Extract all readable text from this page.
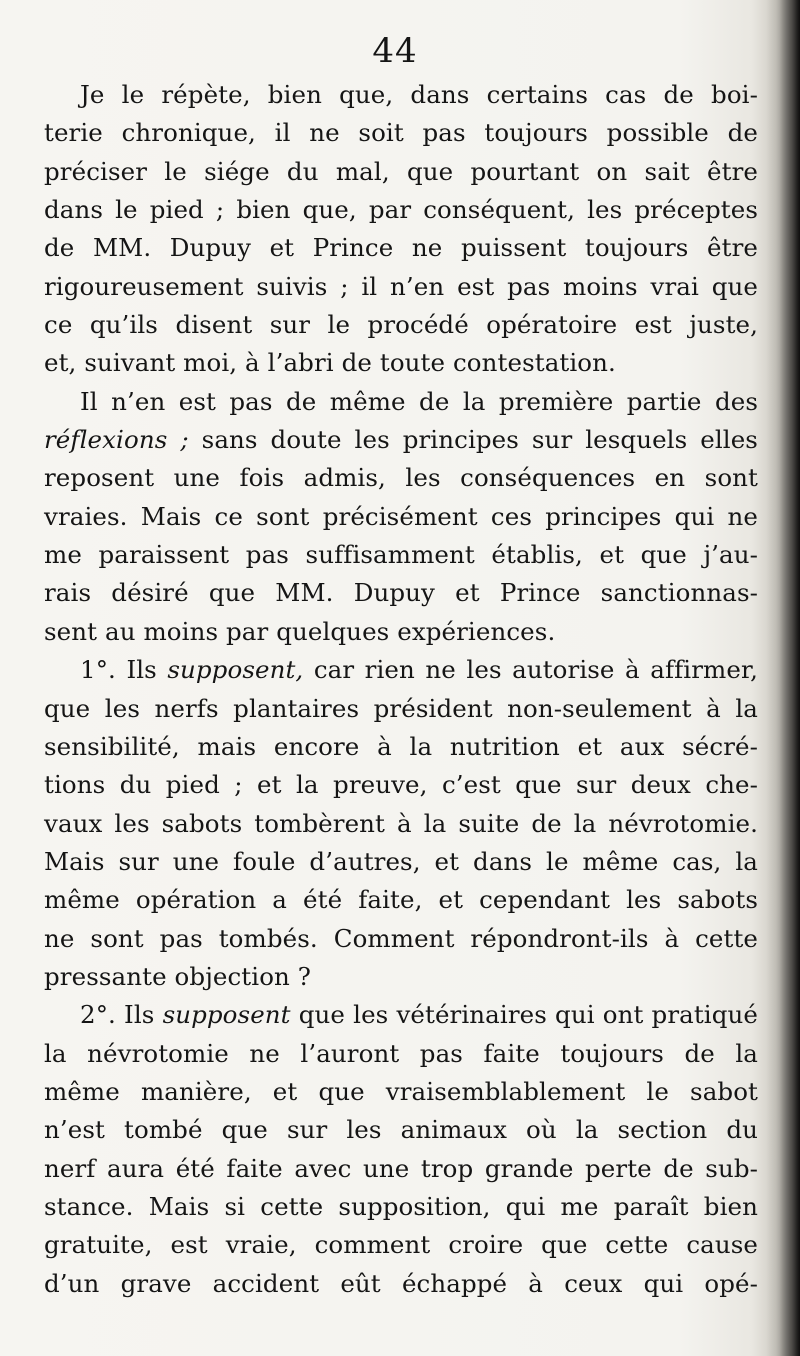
44
Je le répète, bien que, dans certains cas de boi-
terie chronique, il ne soit pas toujours possible de
préciser le siége du mal, que pourtant on sait être
dans le pied ; bien que, par conséquent, les préceptes
de MM. Dupuy et Prince ne puissent toujours être
rigoureusement suivis ; il n’en est pas moins vrai que
ce qu’ils disent sur le procédé opératoire est juste,
et, suivant moi, à l’abri de toute contestation.
Il n’en est pas de même de la première partie des
réflexions ; sans doute les principes sur lesquels elles
reposent une fois admis, les conséquences en sont
vraies. Mais ce sont précisément ces principes qui ne
me paraissent pas suffisamment établis, et que j’au-
rais désiré que MM. Dupuy et Prince sanctionnas-
sent au moins par quelques expériences.
1°. Ils supposent, car rien ne les autorise à affirmer,
que les nerfs plantaires président non-seulement à la
sensibilité, mais encore à la nutrition et aux sécré-
tions du pied ; et la preuve, c’est que sur deux che-
vaux les sabots tombèrent à la suite de la névrotomie.
Mais sur une foule d’autres, et dans le même cas, la
même opération a été faite, et cependant les sabots
ne sont pas tombés. Comment répondront-ils à cette
pressante objection ?
2°. Ils supposent que les vétérinaires qui ont pratiqué
la névrotomie ne l’auront pas faite toujours de la
même manière, et que vraisemblablement le sabot
n’est tombé que sur les animaux où la section du
nerf aura été faite avec une trop grande perte de sub-
stance. Mais si cette supposition, qui me paraît bien
gratuite, est vraie, comment croire que cette cause
d’un grave accident eût échappé à ceux qui opé-
